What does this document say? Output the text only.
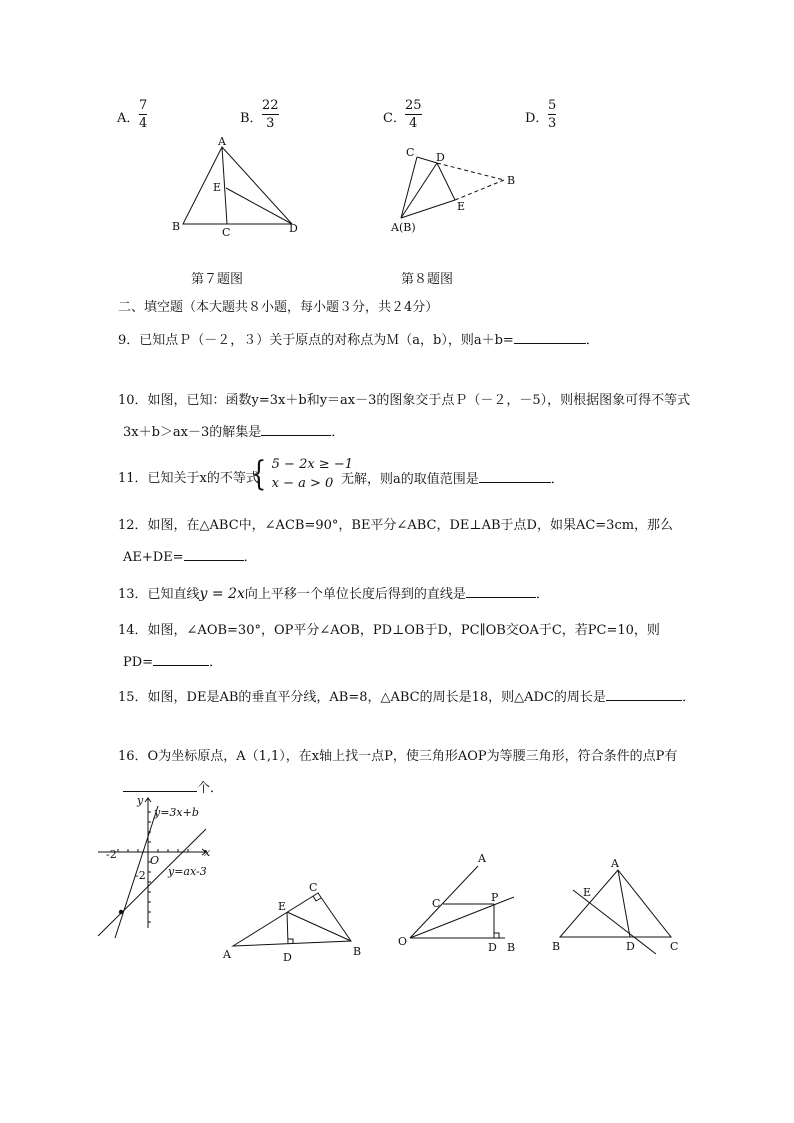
A．
7
4	B．
22
3	C．
25
4	D．
5
3
A
B	C	D
E
第７题图
C D
B
E
A(B)
第８题图
二、填空题（本大题共８小题，每小题３分，共２4分）
9．已知点Ｐ（－２，３）关于原点的对称点为Ｍ（a，b），则a＋b=	．
10．如图，已知：函数y=3x＋b和y＝ax－3的图象交于点Ｐ（－２，－5），则根据图象可得不等式
3x＋b＞ax－3的解集是	．
11．已知关于x的不等式
{ 5 − 2x ≥ −1
x − a > 0 无解，则a的取值范围是	．
12．如图，在△ABC中，∠ACB=90°，BE平分∠ABC，DE⊥AB于点D，如果AC=3cm，那么
AE+DE=	．
13．已知直线y = 2x向上平移一个单位长度后得到的直线是	．
14．如图，∠AOB=30°，OP平分∠AOB，PD⊥OB于D，PC∥OB交OA于C，若PC=10，则
PD=	．
15．如图，DE是AB的垂直平分线，AB=8，△ABC的周长是18，则△ADC的周长是	．
16．O为坐标原点，A（1,1），在x轴上找一点P，使三角形AOP为等腰三角形，符合条件的点P有
个．
y
x
O
-2
-2
y=3x+b
y=ax-3
A	B
C
D
E
A
O
C	P
D B
A
B	C
D
E
